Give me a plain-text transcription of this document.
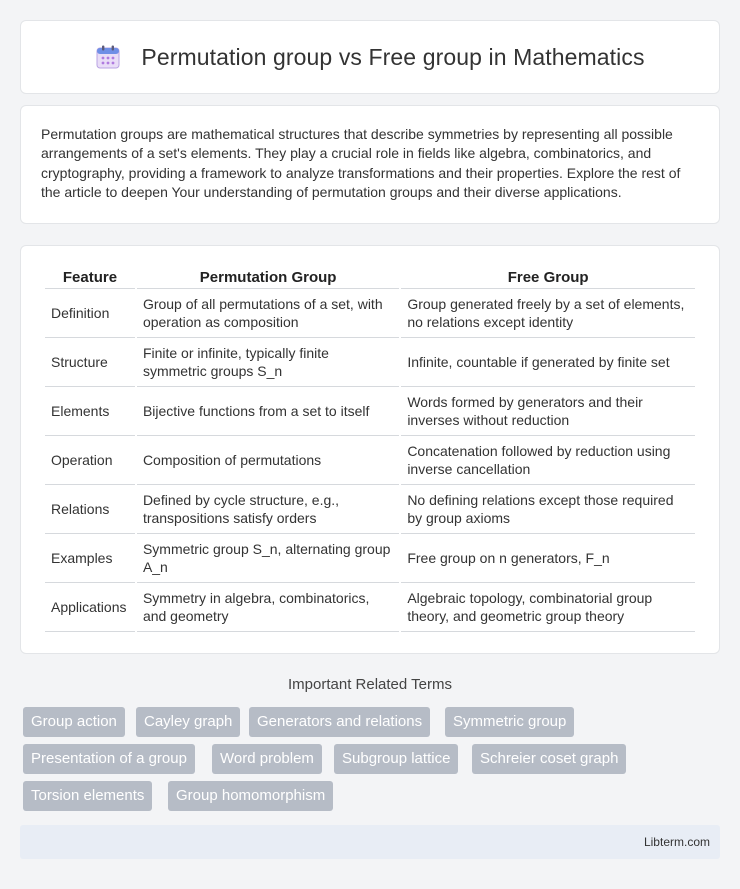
Permutation group vs Free group in Mathematics

Permutation groups are mathematical structures that describe symmetries by representing all possible arrangements of a set's elements. They play a crucial role in fields like algebra, combinatorics, and cryptography, providing a framework to analyze transformations and their properties. Explore the rest of the article to deepen Your understanding of permutation groups and their diverse applications.

Feature	Permutation Group	Free Group
Definition	Group of all permutations of a set, with operation as composition	Group generated freely by a set of elements, no relations except identity
Structure	Finite or infinite, typically finite symmetric groups S_n	Infinite, countable if generated by finite set
Elements	Bijective functions from a set to itself	Words formed by generators and their inverses without reduction
Operation	Composition of permutations	Concatenation followed by reduction using inverse cancellation
Relations	Defined by cycle structure, e.g., transpositions satisfy orders	No defining relations except those required by group axioms
Examples	Symmetric group S_n, alternating group A_n	Free group on n generators, F_n
Applications	Symmetry in algebra, combinatorics, and geometry	Algebraic topology, combinatorial group theory, and geometric group theory
Important Related Terms
Group action	Cayley graph	Generators and relations	Symmetric group
Presentation of a group	Word problem	Subgroup lattice	Schreier coset graph
Torsion elements	Group homomorphism
Libterm.com
